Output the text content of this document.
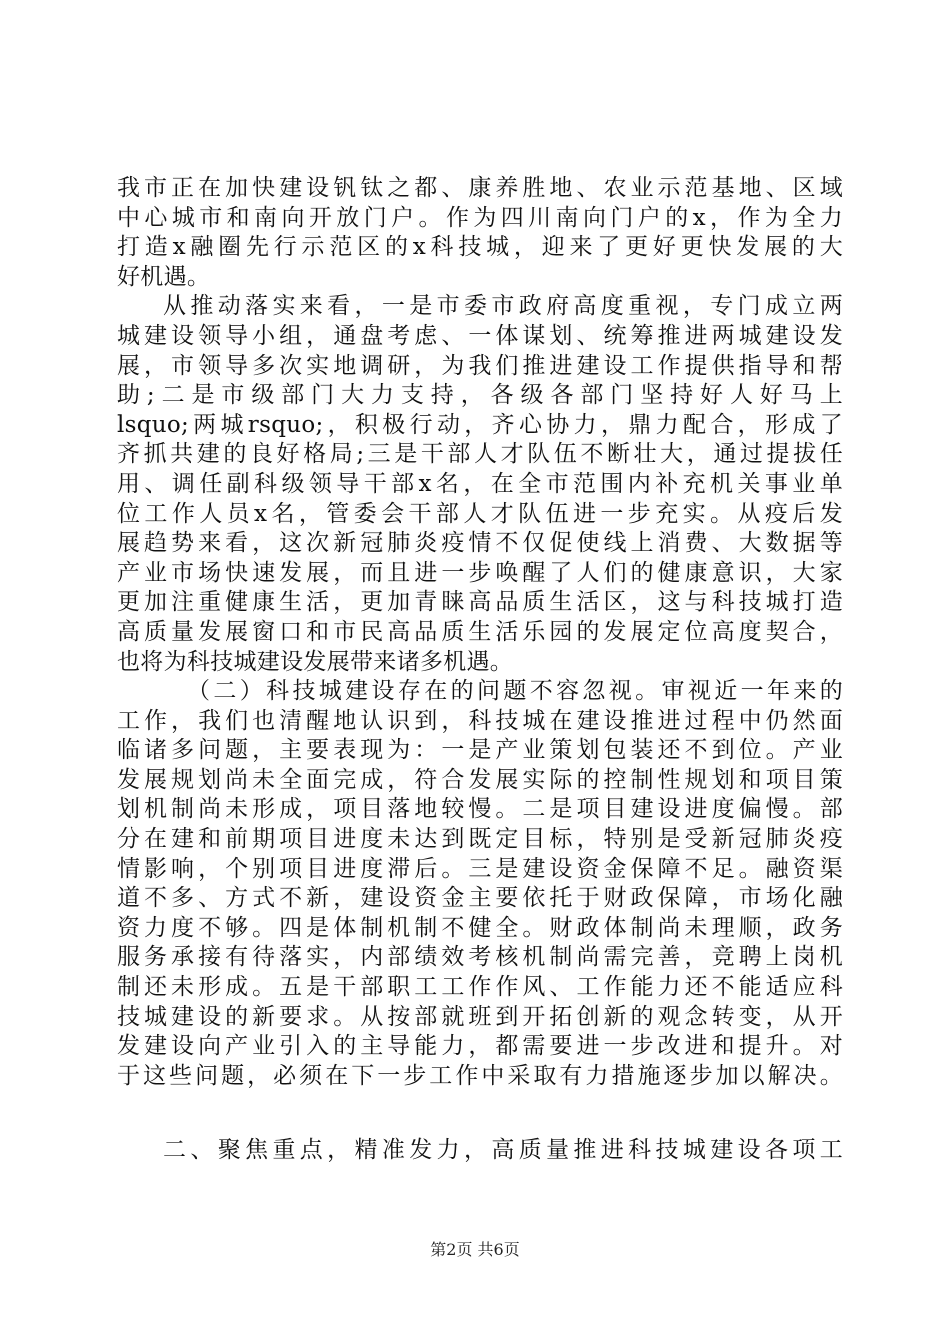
我市正在加快建设钒钛之都、康养胜地、农业示范基地、区域
中心城市和南向开放门户。作为四川南向门户的x，作为全力
打造x融圈先行示范区的x科技城，迎来了更好更快发展的大
好机遇。
从推动落实来看，一是市委市政府高度重视，专门成立两
城建设领导小组，通盘考虑、一体谋划、统筹推进两城建设发
展，市领导多次实地调研，为我们推进建设工作提供指导和帮
助;二是市级部门大力支持，各级各部门坚持好人好马上
lsquo;两城rsquo;，积极行动，齐心协力，鼎力配合，形成了
齐抓共建的良好格局;三是干部人才队伍不断壮大，通过提拔任
用、调任副科级领导干部x名，在全市范围内补充机关事业单
位工作人员x名，管委会干部人才队伍进一步充实。从疫后发
展趋势来看，这次新冠肺炎疫情不仅促使线上消费、大数据等
产业市场快速发展，而且进一步唤醒了人们的健康意识，大家
更加注重健康生活，更加青睐高品质生活区，这与科技城打造
高质量发展窗口和市民高品质生活乐园的发展定位高度契合，
也将为科技城建设发展带来诸多机遇。
（二）科技城建设存在的问题不容忽视。审视近一年来的
工作，我们也清醒地认识到，科技城在建设推进过程中仍然面
临诸多问题，主要表现为：一是产业策划包装还不到位。产业
发展规划尚未全面完成，符合发展实际的控制性规划和项目策
划机制尚未形成，项目落地较慢。二是项目建设进度偏慢。部
分在建和前期项目进度未达到既定目标，特别是受新冠肺炎疫
情影响，个别项目进度滞后。三是建设资金保障不足。融资渠
道不多、方式不新，建设资金主要依托于财政保障，市场化融
资力度不够。四是体制机制不健全。财政体制尚未理顺，政务
服务承接有待落实，内部绩效考核机制尚需完善，竞聘上岗机
制还未形成。五是干部职工工作作风、工作能力还不能适应科
技城建设的新要求。从按部就班到开拓创新的观念转变，从开
发建设向产业引入的主导能力，都需要进一步改进和提升。对
于这些问题，必须在下一步工作中采取有力措施逐步加以解决。
二、聚焦重点，精准发力，高质量推进科技城建设各项工
第2页 共6页
